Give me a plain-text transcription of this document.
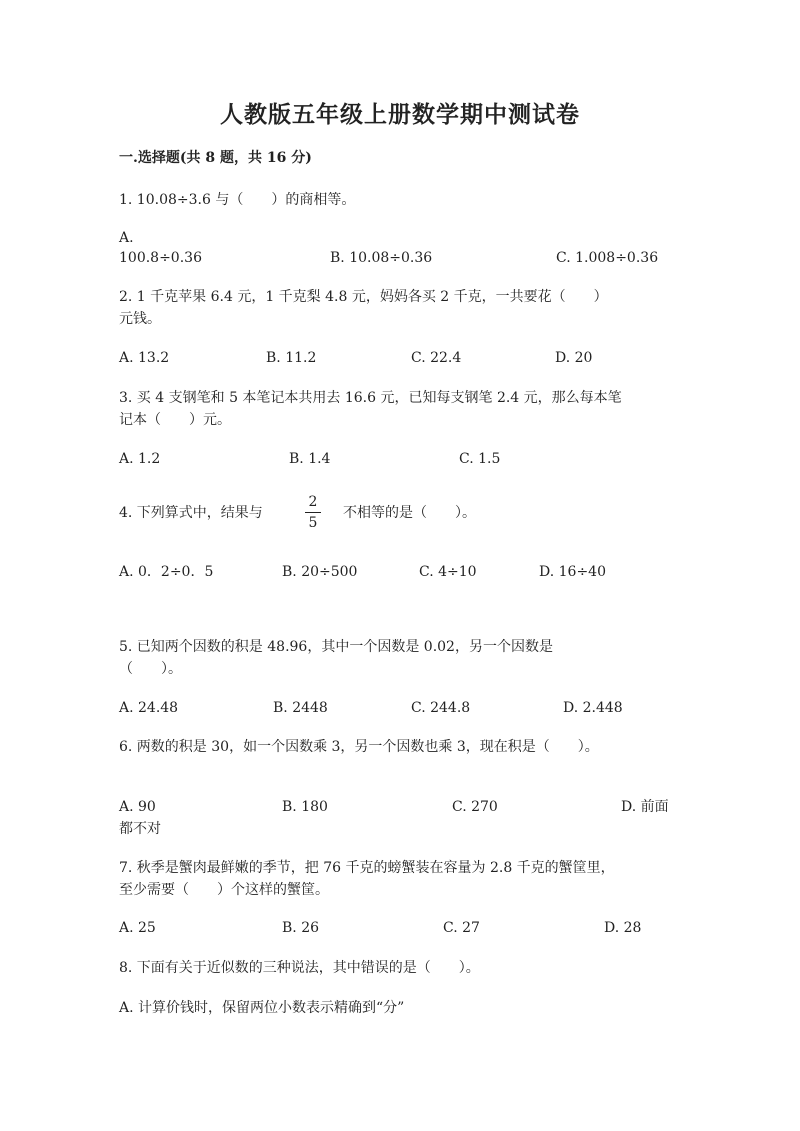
人教版五年级上册数学期中测试卷
一.选择题(共 8 题，共 16 分)
1. 10.08÷3.6 与（　　）的商相等。
A.
100.8÷0.36	B. 10.08÷0.36	C. 1.008÷0.36
2. 1 千克苹果 6.4 元，1 千克梨 4.8 元，妈妈各买 2 千克，一共要花（　　）
元钱。
A. 13.2	B. 11.2	C. 22.4	D. 20
3. 买 4 支钢笔和 5 本笔记本共用去 16.6 元，已知每支钢笔 2.4 元，那么每本笔
记本（　　）元。
A. 1.2	B. 1.4	C. 1.5
4. 下列算式中，结果与
2
5
不相等的是（　　）。
A. 0．2÷0．5	B. 20÷500	C. 4÷10	D. 16÷40
5. 已知两个因数的积是 48.96，其中一个因数是 0.02，另一个因数是
（　　）。
A. 24.48	B. 2448	C. 244.8	D. 2.448
6. 两数的积是 30，如一个因数乘 3，另一个因数也乘 3，现在积是（　　）。
A. 90	B. 180	C. 270	D. 前面
都不对
7. 秋季是蟹肉最鲜嫩的季节，把 76 千克的螃蟹装在容量为 2.8 千克的蟹筐里，
至少需要（　　）个这样的蟹筐。
A. 25	B. 26	C. 27	D. 28
8. 下面有关于近似数的三种说法，其中错误的是（　　）。
A. 计算价钱时，保留两位小数表示精确到“分”
